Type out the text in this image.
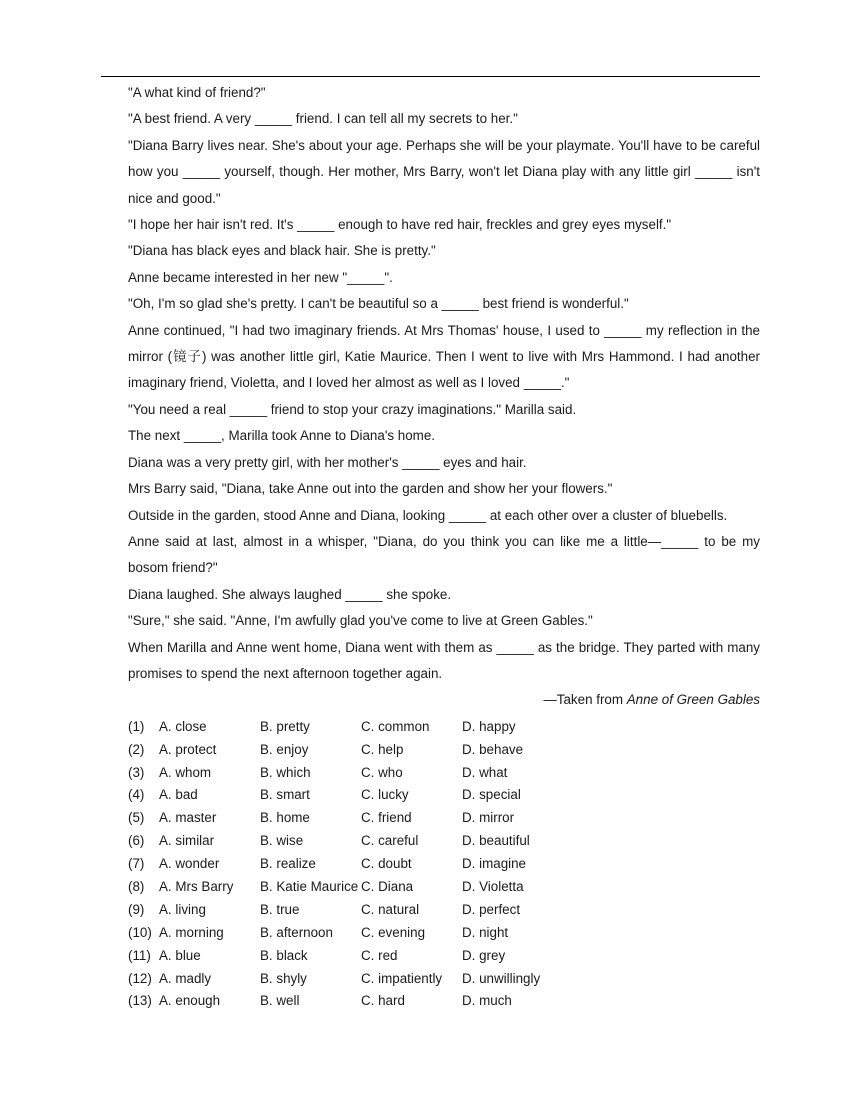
"A what kind of friend?"

"A best friend. A very _____ friend. I can tell all my secrets to her."

"Diana Barry lives near. She's about your age. Perhaps she will be your playmate. You'll have to be careful how you _____ yourself, though. Her mother, Mrs Barry, won't let Diana play with any little girl _____ isn't nice and good."

"I hope her hair isn't red. It's _____ enough to have red hair, freckles and grey eyes myself."

"Diana has black eyes and black hair. She is pretty."

Anne became interested in her new "_____".

"Oh, I'm so glad she's pretty. I can't be beautiful so a _____ best friend is wonderful."

Anne continued, "I had two imaginary friends. At Mrs Thomas' house, I used to _____ my reflection in the mirror (镜子) was another little girl, Katie Maurice. Then I went to live with Mrs Hammond. I had another imaginary friend, Violetta, and I loved her almost as well as I loved _____."

"You need a real _____ friend to stop your crazy imaginations." Marilla said.

The next _____, Marilla took Anne to Diana's home.

Diana was a very pretty girl, with her mother's _____ eyes and hair.

Mrs Barry said, "Diana, take Anne out into the garden and show her your flowers."

Outside in the garden, stood Anne and Diana, looking _____ at each other over a cluster of bluebells.

Anne said at last, almost in a whisper, "Diana, do you think you can like me a little—_____ to be my bosom friend?"

Diana laughed. She always laughed _____ she spoke.

"Sure," she said. "Anne, I'm awfully glad you've come to live at Green Gables."

When Marilla and Anne went home, Diana went with them as _____ as the bridge. They parted with many promises to spend the next afternoon together again.

—Taken from Anne of Green Gables

(1)	A. close	B. pretty	C. common	D. happy
(2)	A. protect	B. enjoy	C. help	D. behave
(3)	A. whom	B. which	C. who	D. what
(4)	A. bad	B. smart	C. lucky	D. special
(5)	A. master	B. home	C. friend	D. mirror
(6)	A. similar	B. wise	C. careful	D. beautiful
(7)	A. wonder	B. realize	C. doubt	D. imagine
(8)	A. Mrs Barry	B. Katie Maurice C. Diana	D. Violetta
(9)	A. living	B. true	C. natural	D. perfect
(10) A. morning	B. afternoon	C. evening	D. night
(11) A. blue	B. black	C. red	D. grey
(12) A. madly	B. shyly	C. impatiently	D. unwillingly
(13) A. enough	B. well	C. hard	D. much
